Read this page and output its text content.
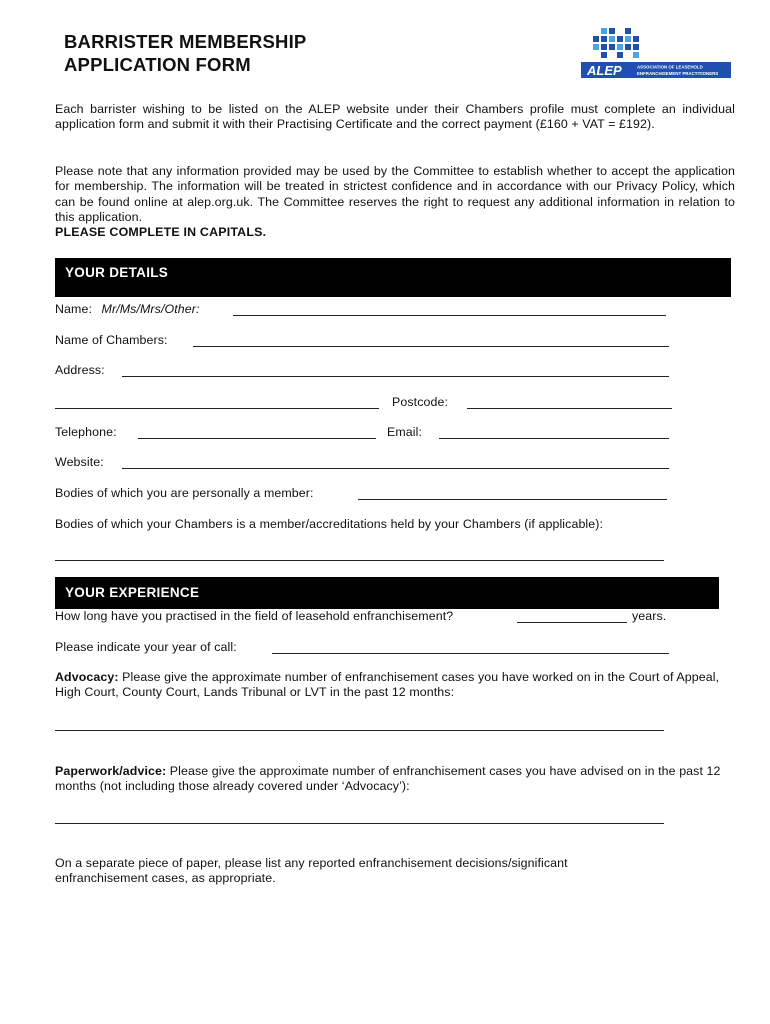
BARRISTER MEMBERSHIP
APPLICATION FORM	ALEP	ASSOCIATION OF LEASEHOLD
ENFRANCHISEMENT PRACTITIONERS

Each barrister wishing to be listed on the ALEP website under their Chambers profile must complete an individual application form and submit it with their Practising Certificate and the correct payment (£160 + VAT = £192).

Please note that any information provided may be used by the Committee to establish whether to accept the application for membership. The information will be treated in strictest confidence and in accordance with our Privacy Policy, which can be found online at alep.org.uk. The Committee reserves the right to request any additional information in relation to this application.

PLEASE COMPLETE IN CAPITALS.
YOUR DETAILS
Name: Mr/Ms/Mrs/Other:
Name of Chambers:
Address:
Postcode:
Telephone:	Email:
Website:
Bodies of which you are personally a member:
Bodies of which your Chambers is a member/accreditations held by your Chambers (if applicable):
YOUR EXPERIENCE
How long have you practised in the field of leasehold enfranchisement?	years.
Please indicate your year of call:
Advocacy: Please give the approximate number of enfranchisement cases you have worked on in the Court of Appeal, High Court, County Court, Lands Tribunal or LVT in the past 12 months:
Paperwork/advice: Please give the approximate number of enfranchisement cases you have advised on in the past 12 months (not including those already covered under ‘Advocacy’):
On a separate piece of paper, please list any reported enfranchisement decisions/significant enfranchisement cases, as appropriate.
